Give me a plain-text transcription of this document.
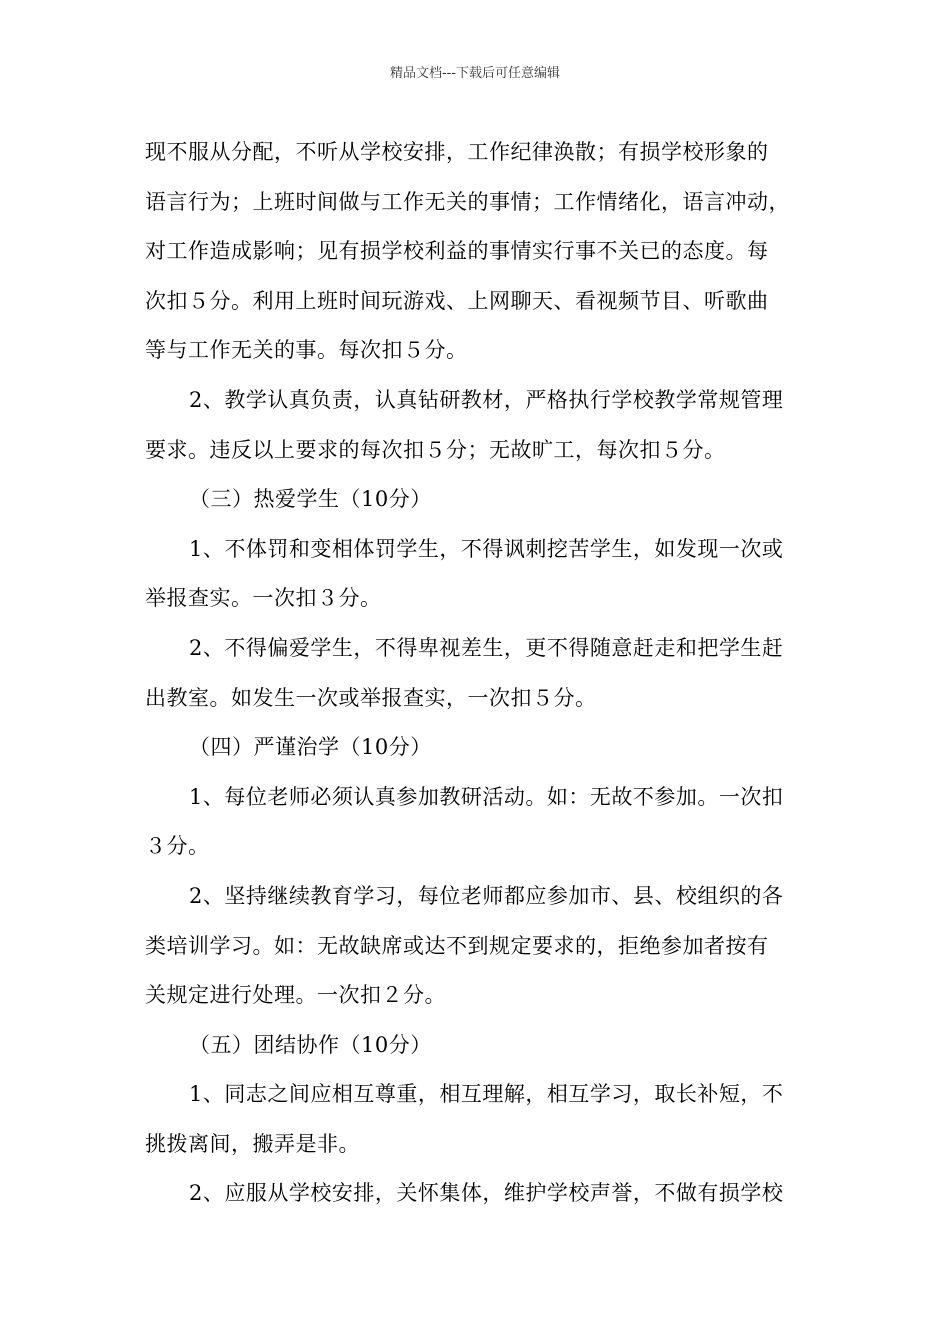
精品文档---下载后可任意编辑
现不服从分配，不听从学校安排，工作纪律涣散；有损学校形象的
语言行为；上班时间做与工作无关的事情；工作情绪化，语言冲动，
对工作造成影响；见有损学校利益的事情实行事不关已的态度。每
次扣５分。利用上班时间玩游戏、上网聊天、看视频节目、听歌曲
等与工作无关的事。每次扣５分。
2、教学认真负责，认真钻研教材，严格执行学校教学常规管理
要求。违反以上要求的每次扣５分；无故旷工，每次扣５分。
（三）热爱学生（10分）
1、不体罚和变相体罚学生，不得讽刺挖苦学生，如发现一次或
举报查实。一次扣３分。
2、不得偏爱学生，不得卑视差生，更不得随意赶走和把学生赶
出教室。如发生一次或举报查实，一次扣５分。
（四）严谨治学（10分）
1、每位老师必须认真参加教研活动。如：无故不参加。一次扣
３分。
2、坚持继续教育学习，每位老师都应参加市、县、校组织的各
类培训学习。如：无故缺席或达不到规定要求的，拒绝参加者按有
关规定进行处理。一次扣２分。
（五）团结协作（10分）
1、同志之间应相互尊重，相互理解，相互学习，取长补短，不
挑拨离间，搬弄是非。
2、应服从学校安排，关怀集体，维护学校声誉，不做有损学校
